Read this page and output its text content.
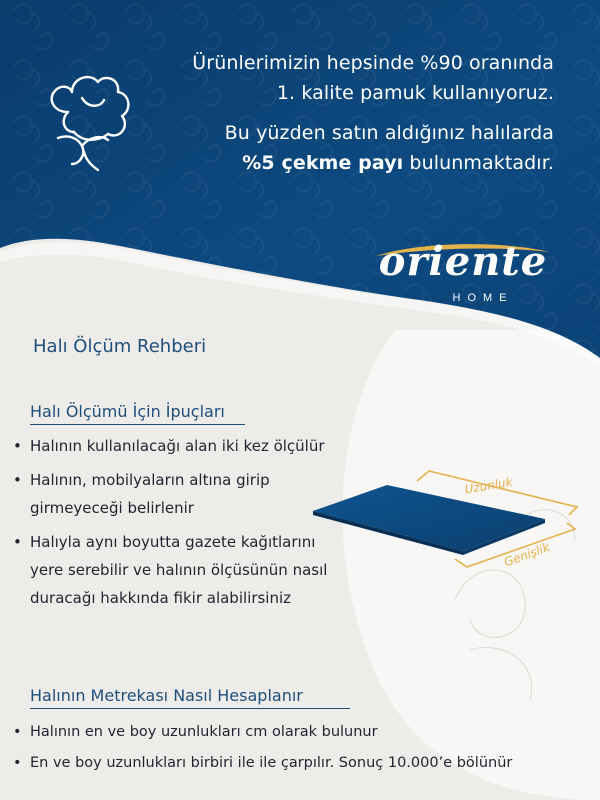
Ürünlerimizin hepsinde %90 oranında

1. kalite pamuk kullanıyoruz.

Bu yüzden satın aldığınız halılarda

%5 çekme payı bulunmaktadır.

oriente
HOME
Halı Ölçüm Rehberi
Halı Ölçümü İçin İpuçları
• Halının kullanılacağı alan iki kez ölçülür
• Halının, mobilyaların altına girip
girmeyeceği belirlenir
• Halıyla aynı boyutta gazete kağıtlarını
yere serebilir ve halının ölçüsünün nasıl
duracağı hakkında fikir alabilirsiniz
Uzunluk
Genişlik
Halının Metrekası Nasıl Hesaplanır
• Halının en ve boy uzunlukları cm olarak bulunur
• En ve boy uzunlukları birbiri ile ile çarpılır. Sonuç 10.000’e bölünür
